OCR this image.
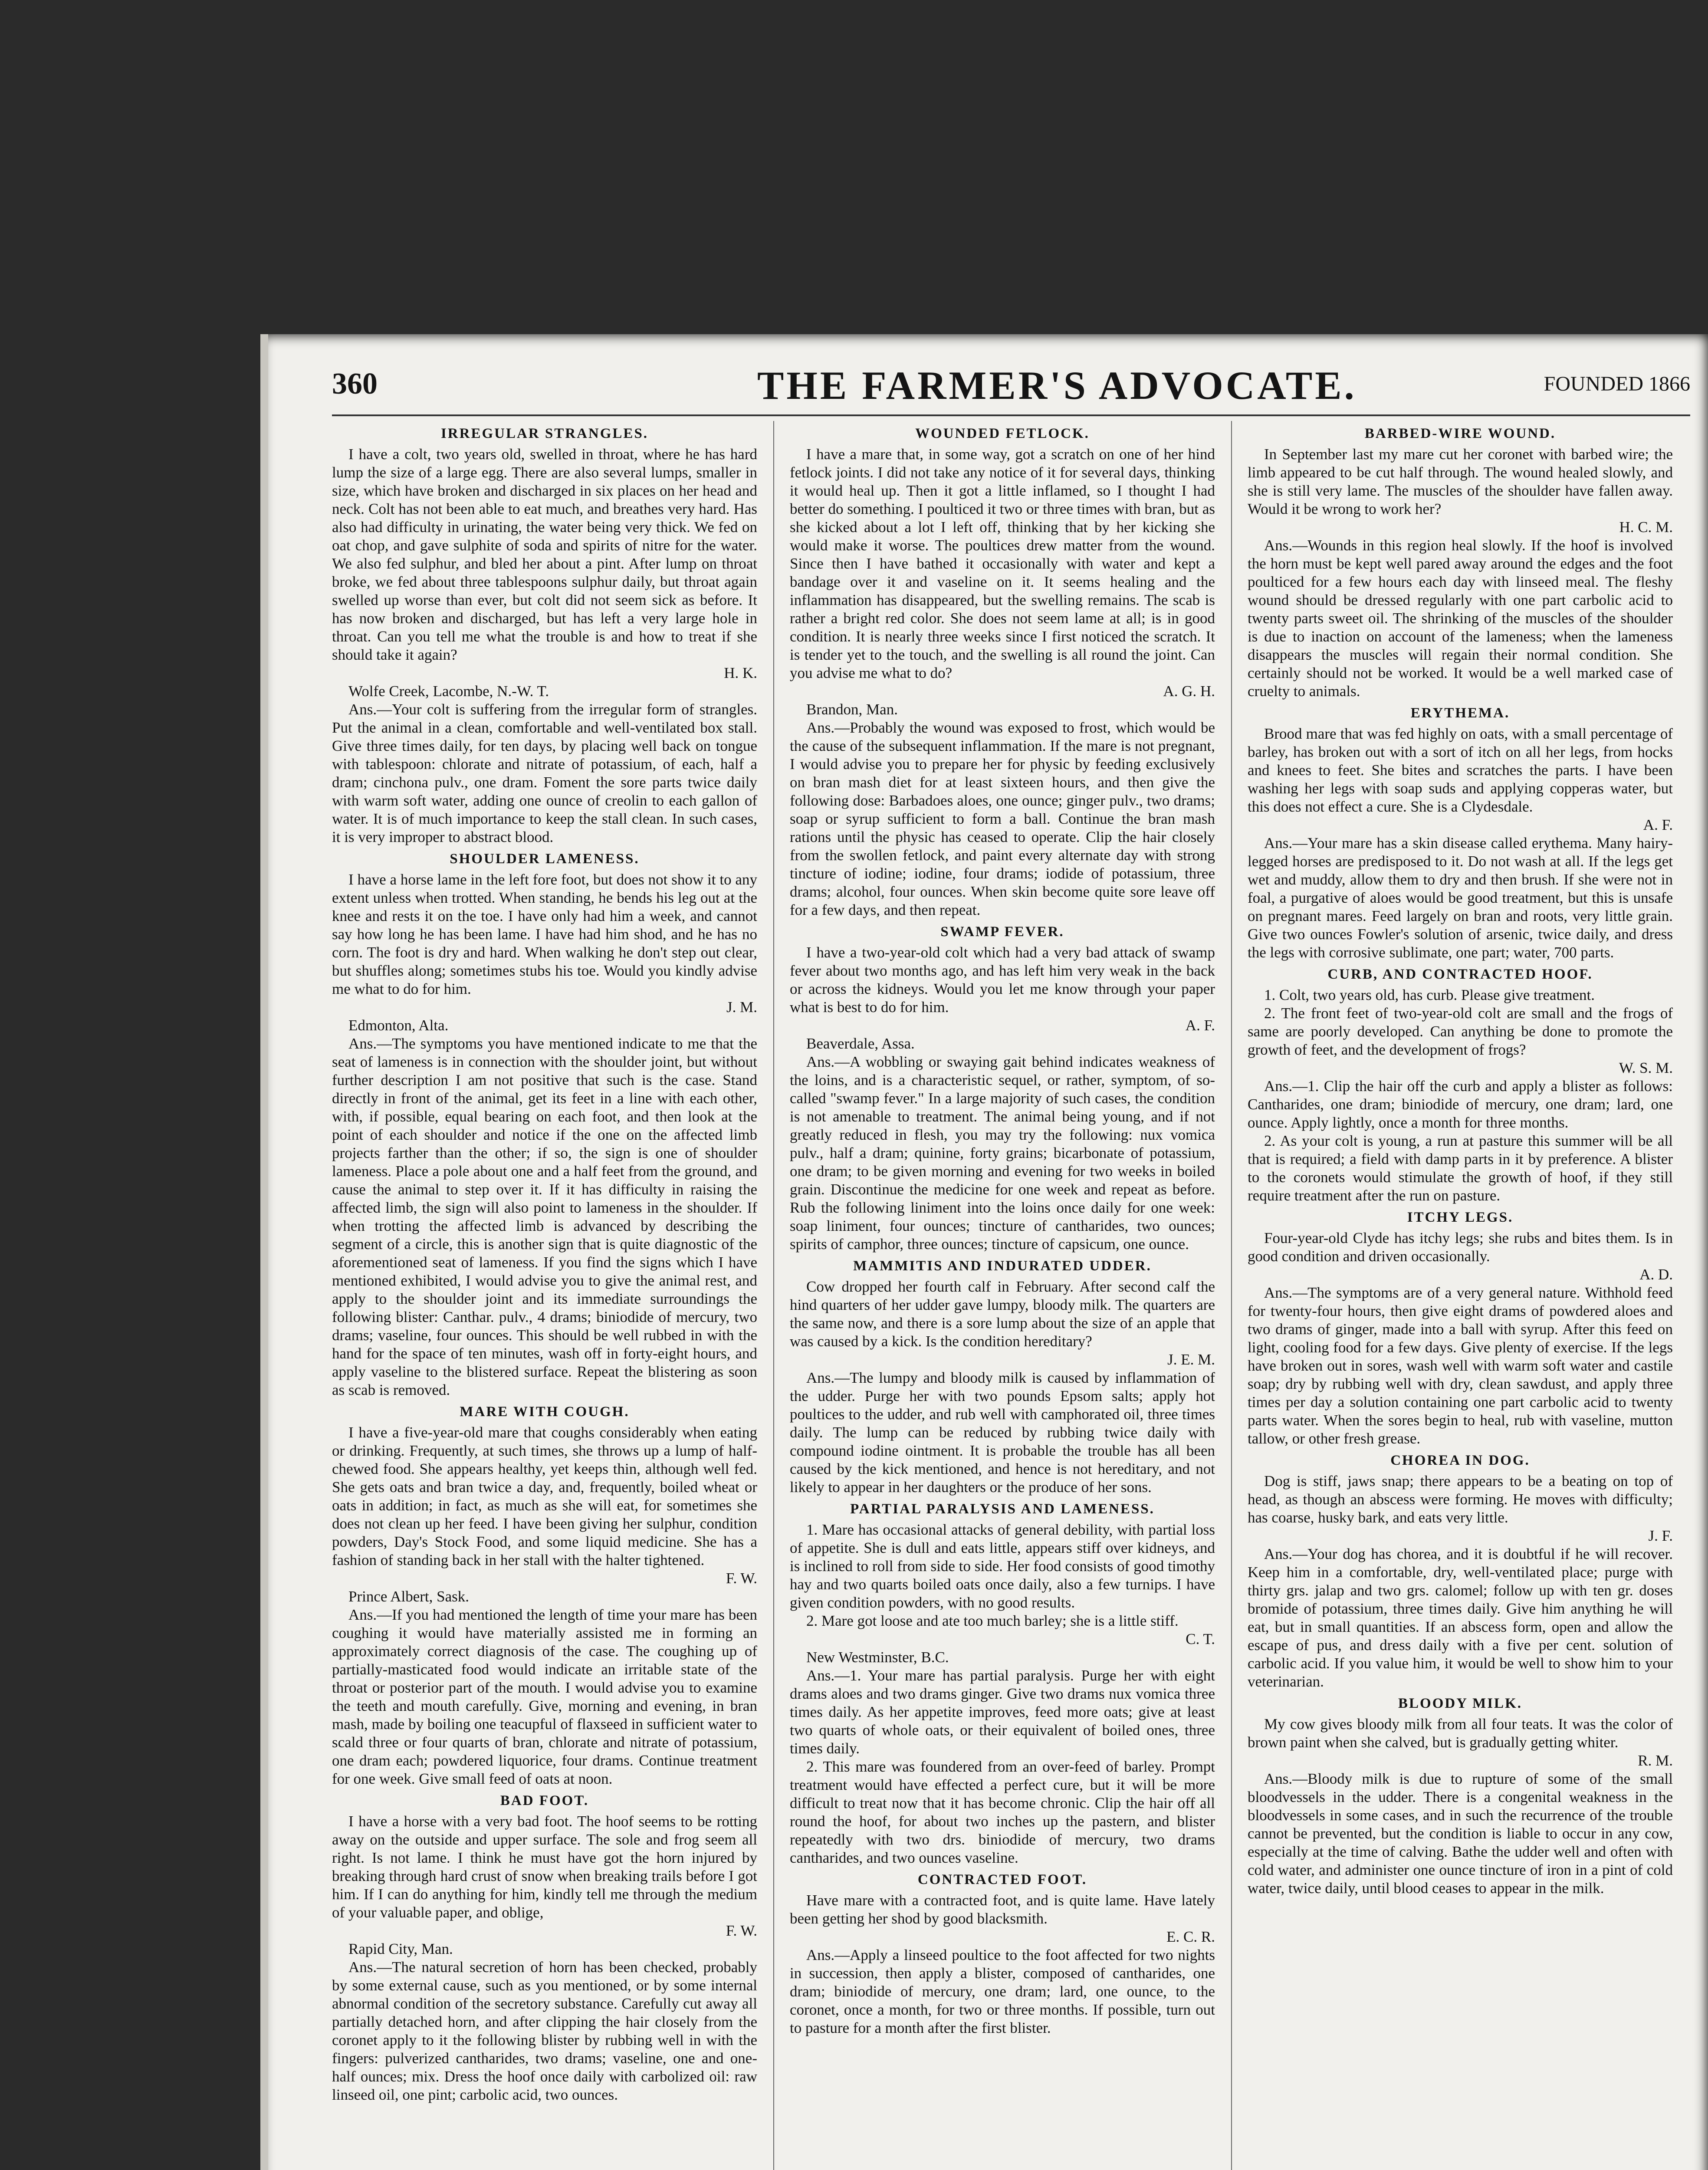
360	THE FARMER'S ADVOCATE.	FOUNDED 1866
IRREGULAR STRANGLES.

I have a colt, two years old, swelled in throat, where he has hard lump the size of a large egg. There are also several lumps, smaller in size, which have broken and discharged in six places on her head and neck. Colt has not been able to eat much, and breathes very hard. Has also had difficulty in urinating, the water being very thick. We fed on oat chop, and gave sulphite of soda and spirits of nitre for the water. We also fed sulphur, and bled her about a pint. After lump on throat broke, we fed about three tablespoons sulphur daily, but throat again swelled up worse than ever, but colt did not seem sick as before. It has now broken and discharged, but has left a very large hole in throat. Can you tell me what the trouble is and how to treat if she should take it again?

H. K.

Wolfe Creek, Lacombe, N.-W. T.

Ans.—Your colt is suffering from the irregular form of strangles. Put the animal in a clean, comfortable and well-ventilated box stall. Give three times daily, for ten days, by placing well back on tongue with tablespoon: chlorate and nitrate of potassium, of each, half a dram; cinchona pulv., one dram. Foment the sore parts twice daily with warm soft water, adding one ounce of creolin to each gallon of water. It is of much importance to keep the stall clean. In such cases, it is very improper to abstract blood.

SHOULDER LAMENESS.

I have a horse lame in the left fore foot, but does not show it to any extent unless when trotted. When standing, he bends his leg out at the knee and rests it on the toe. I have only had him a week, and cannot say how long he has been lame. I have had him shod, and he has no corn. The foot is dry and hard. When walking he don't step out clear, but shuffles along; sometimes stubs his toe. Would you kindly advise me what to do for him.

J. M.

Edmonton, Alta.

Ans.—The symptoms you have mentioned indicate to me that the seat of lameness is in connection with the shoulder joint, but without further description I am not positive that such is the case. Stand directly in front of the animal, get its feet in a line with each other, with, if possible, equal bearing on each foot, and then look at the point of each shoulder and notice if the one on the affected limb projects farther than the other; if so, the sign is one of shoulder lameness. Place a pole about one and a half feet from the ground, and cause the animal to step over it. If it has difficulty in raising the affected limb, the sign will also point to lameness in the shoulder. If when trotting the affected limb is advanced by describing the segment of a circle, this is another sign that is quite diagnostic of the aforementioned seat of lameness. If you find the signs which I have mentioned exhibited, I would advise you to give the animal rest, and apply to the shoulder joint and its immediate surroundings the following blister: Canthar. pulv., 4 drams; biniodide of mercury, two drams; vaseline, four ounces. This should be well rubbed in with the hand for the space of ten minutes, wash off in forty-eight hours, and apply vaseline to the blistered surface. Repeat the blistering as soon as scab is removed.

MARE WITH COUGH.

I have a five-year-old mare that coughs considerably when eating or drinking. Frequently, at such times, she throws up a lump of half-chewed food. She appears healthy, yet keeps thin, although well fed. She gets oats and bran twice a day, and, frequently, boiled wheat or oats in addition; in fact, as much as she will eat, for sometimes she does not clean up her feed. I have been giving her sulphur, condition powders, Day's Stock Food, and some liquid medicine. She has a fashion of standing back in her stall with the halter tightened.

F. W.

Prince Albert, Sask.

Ans.—If you had mentioned the length of time your mare has been coughing it would have materially assisted me in forming an approximately correct diagnosis of the case. The coughing up of partially-masticated food would indicate an irritable state of the throat or posterior part of the mouth. I would advise you to examine the teeth and mouth carefully. Give, morning and evening, in bran mash, made by boiling one teacupful of flaxseed in sufficient water to scald three or four quarts of bran, chlorate and nitrate of potassium, one dram each; powdered liquorice, four drams. Continue treatment for one week. Give small feed of oats at noon.

BAD FOOT.

I have a horse with a very bad foot. The hoof seems to be rotting away on the outside and upper surface. The sole and frog seem all right. Is not lame. I think he must have got the horn injured by breaking through hard crust of snow when breaking trails before I got him. If I can do anything for him, kindly tell me through the medium of your valuable paper, and oblige,

F. W.

Rapid City, Man.

Ans.—The natural secretion of horn has been checked, probably by some external cause, such as you mentioned, or by some internal abnormal condition of the secretory substance. Carefully cut away all partially detached horn, and after clipping the hair closely from the coronet apply to it the following blister by rubbing well in with the fingers: pulverized cantharides, two drams; vaseline, one and one-half ounces; mix. Dress the hoof once daily with carbolized oil: raw linseed oil, one pint; carbolic acid, two ounces.

WOUNDED FETLOCK.

I have a mare that, in some way, got a scratch on one of her hind fetlock joints. I did not take any notice of it for several days, thinking it would heal up. Then it got a little inflamed, so I thought I had better do something. I poulticed it two or three times with bran, but as she kicked about a lot I left off, thinking that by her kicking she would make it worse. The poultices drew matter from the wound. Since then I have bathed it occasionally with water and kept a bandage over it and vaseline on it. It seems healing and the inflammation has disappeared, but the swelling remains. The scab is rather a bright red color. She does not seem lame at all; is in good condition. It is nearly three weeks since I first noticed the scratch. It is tender yet to the touch, and the swelling is all round the joint. Can you advise me what to do?

A. G. H.

Brandon, Man.

Ans.—Probably the wound was exposed to frost, which would be the cause of the subsequent inflammation. If the mare is not pregnant, I would advise you to prepare her for physic by feeding exclusively on bran mash diet for at least sixteen hours, and then give the following dose: Barbadoes aloes, one ounce; ginger pulv., two drams; soap or syrup sufficient to form a ball. Continue the bran mash rations until the physic has ceased to operate. Clip the hair closely from the swollen fetlock, and paint every alternate day with strong tincture of iodine; iodine, four drams; iodide of potassium, three drams; alcohol, four ounces. When skin become quite sore leave off for a few days, and then repeat.

SWAMP FEVER.

I have a two-year-old colt which had a very bad attack of swamp fever about two months ago, and has left him very weak in the back or across the kidneys. Would you let me know through your paper what is best to do for him.

A. F.

Beaverdale, Assa.

Ans.—A wobbling or swaying gait behind indicates weakness of the loins, and is a characteristic sequel, or rather, symptom, of so-called "swamp fever." In a large majority of such cases, the condition is not amenable to treatment. The animal being young, and if not greatly reduced in flesh, you may try the following: nux vomica pulv., half a dram; quinine, forty grains; bicarbonate of potassium, one dram; to be given morning and evening for two weeks in boiled grain. Discontinue the medicine for one week and repeat as before. Rub the following liniment into the loins once daily for one week: soap liniment, four ounces; tincture of cantharides, two ounces; spirits of camphor, three ounces; tincture of capsicum, one ounce.

MAMMITIS AND INDURATED UDDER.

Cow dropped her fourth calf in February. After second calf the hind quarters of her udder gave lumpy, bloody milk. The quarters are the same now, and there is a sore lump about the size of an apple that was caused by a kick. Is the condition hereditary?

J. E. M.

Ans.—The lumpy and bloody milk is caused by inflammation of the udder. Purge her with two pounds Epsom salts; apply hot poultices to the udder, and rub well with camphorated oil, three times daily. The lump can be reduced by rubbing twice daily with compound iodine ointment. It is probable the trouble has all been caused by the kick mentioned, and hence is not hereditary, and not likely to appear in her daughters or the produce of her sons.

PARTIAL PARALYSIS AND LAMENESS.

1. Mare has occasional attacks of general debility, with partial loss of appetite. She is dull and eats little, appears stiff over kidneys, and is inclined to roll from side to side. Her food consists of good timothy hay and two quarts boiled oats once daily, also a few turnips. I have given condition powders, with no good results.

2. Mare got loose and ate too much barley; she is a little stiff.

C. T.

New Westminster, B.C.

Ans.—1. Your mare has partial paralysis. Purge her with eight drams aloes and two drams ginger. Give two drams nux vomica three times daily. As her appetite improves, feed more oats; give at least two quarts of whole oats, or their equivalent of boiled ones, three times daily.

2. This mare was foundered from an over-feed of barley. Prompt treatment would have effected a perfect cure, but it will be more difficult to treat now that it has become chronic. Clip the hair off all round the hoof, for about two inches up the pastern, and blister repeatedly with two drs. biniodide of mercury, two drams cantharides, and two ounces vaseline.

CONTRACTED FOOT.

Have mare with a contracted foot, and is quite lame. Have lately been getting her shod by good blacksmith.

E. C. R.

Ans.—Apply a linseed poultice to the foot affected for two nights in succession, then apply a blister, composed of cantharides, one dram; biniodide of mercury, one dram; lard, one ounce, to the coronet, once a month, for two or three months. If possible, turn out to pasture for a month after the first blister.

BARBED-WIRE WOUND.

In September last my mare cut her coronet with barbed wire; the limb appeared to be cut half through. The wound healed slowly, and she is still very lame. The muscles of the shoulder have fallen away. Would it be wrong to work her?

H. C. M.

Ans.—Wounds in this region heal slowly. If the hoof is involved the horn must be kept well pared away around the edges and the foot poulticed for a few hours each day with linseed meal. The fleshy wound should be dressed regularly with one part carbolic acid to twenty parts sweet oil. The shrinking of the muscles of the shoulder is due to inaction on account of the lameness; when the lameness disappears the muscles will regain their normal condition. She certainly should not be worked. It would be a well marked case of cruelty to animals.

ERYTHEMA.

Brood mare that was fed highly on oats, with a small percentage of barley, has broken out with a sort of itch on all her legs, from hocks and knees to feet. She bites and scratches the parts. I have been washing her legs with soap suds and applying copperas water, but this does not effect a cure. She is a Clydesdale.

A. F.

Ans.—Your mare has a skin disease called erythema. Many hairy-legged horses are predisposed to it. Do not wash at all. If the legs get wet and muddy, allow them to dry and then brush. If she were not in foal, a purgative of aloes would be good treatment, but this is unsafe on pregnant mares. Feed largely on bran and roots, very little grain. Give two ounces Fowler's solution of arsenic, twice daily, and dress the legs with corrosive sublimate, one part; water, 700 parts.

CURB, AND CONTRACTED HOOF.

1. Colt, two years old, has curb. Please give treatment.

2. The front feet of two-year-old colt are small and the frogs of same are poorly developed. Can anything be done to promote the growth of feet, and the development of frogs?

W. S. M.

Ans.—1. Clip the hair off the curb and apply a blister as follows: Cantharides, one dram; biniodide of mercury, one dram; lard, one ounce. Apply lightly, once a month for three months.

2. As your colt is young, a run at pasture this summer will be all that is required; a field with damp parts in it by preference. A blister to the coronets would stimulate the growth of hoof, if they still require treatment after the run on pasture.

ITCHY LEGS.

Four-year-old Clyde has itchy legs; she rubs and bites them. Is in good condition and driven occasionally.

A. D.

Ans.—The symptoms are of a very general nature. Withhold feed for twenty-four hours, then give eight drams of powdered aloes and two drams of ginger, made into a ball with syrup. After this feed on light, cooling food for a few days. Give plenty of exercise. If the legs have broken out in sores, wash well with warm soft water and castile soap; dry by rubbing well with dry, clean sawdust, and apply three times per day a solution containing one part carbolic acid to twenty parts water. When the sores begin to heal, rub with vaseline, mutton tallow, or other fresh grease.

CHOREA IN DOG.

Dog is stiff, jaws snap; there appears to be a beating on top of head, as though an abscess were forming. He moves with difficulty; has coarse, husky bark, and eats very little.

J. F.

Ans.—Your dog has chorea, and it is doubtful if he will recover. Keep him in a comfortable, dry, well-ventilated place; purge with thirty grs. jalap and two grs. calomel; follow up with ten gr. doses bromide of potassium, three times daily. Give him anything he will eat, but in small quantities. If an abscess form, open and allow the escape of pus, and dress daily with a five per cent. solution of carbolic acid. If you value him, it would be well to show him to your veterinarian.

BLOODY MILK.

My cow gives bloody milk from all four teats. It was the color of brown paint when she calved, but is gradually getting whiter.

R. M.

Ans.—Bloody milk is due to rupture of some of the small bloodvessels in the udder. There is a congenital weakness in the bloodvessels in some cases, and in such the recurrence of the trouble cannot be prevented, but the condition is liable to occur in any cow, especially at the time of calving. Bathe the udder well and often with cold water, and administer one ounce tincture of iron in a pint of cold water, twice daily, until blood ceases to appear in the milk.
